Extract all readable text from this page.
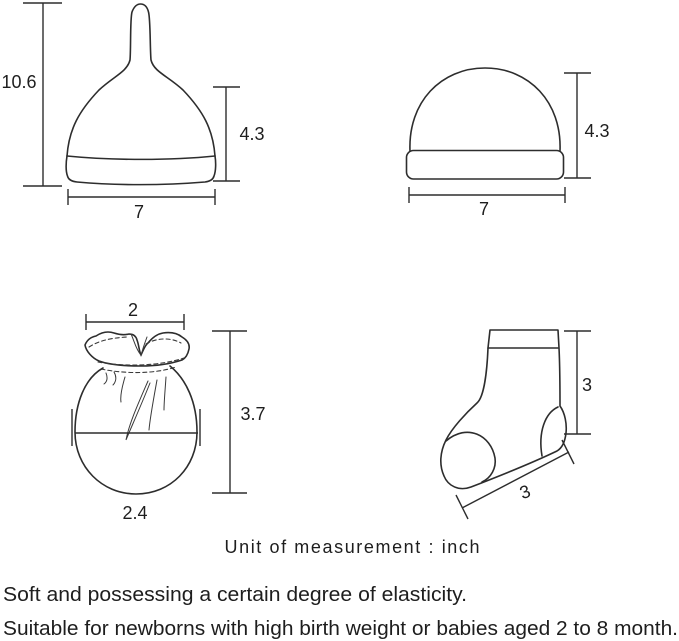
10.6
4.3
7
4.3
7
2
2.4
3.7
3
3
Unit of measurement : inch
Soft and possessing a certain degree of elasticity.
Suitable for newborns with high birth weight or babies aged 2 to 8 month.
